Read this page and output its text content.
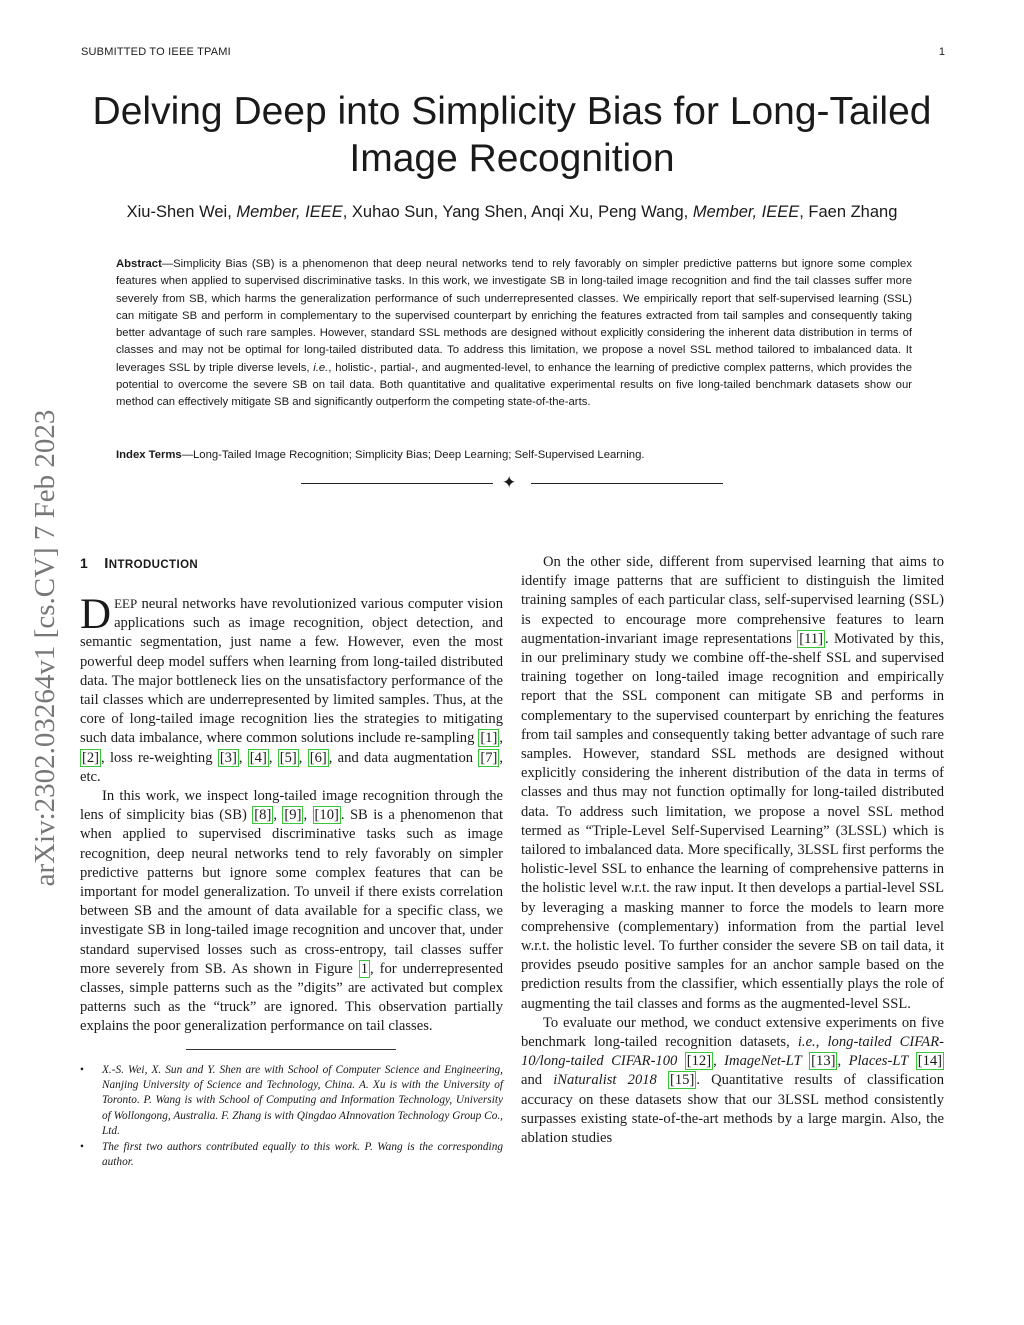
SUBMITTED TO IEEE TPAMI	1
Delving Deep into Simplicity Bias for Long-Tailed Image Recognition
Xiu-Shen Wei, Member, IEEE, Xuhao Sun, Yang Shen, Anqi Xu, Peng Wang, Member, IEEE, Faen Zhang
arXiv:2302.03264v1 [cs.CV] 7 Feb 2023

Abstract—Simplicity Bias (SB) is a phenomenon that deep neural networks tend to rely favorably on simpler predictive patterns but ignore some complex features when applied to supervised discriminative tasks. In this work, we investigate SB in long-tailed image recognition and find the tail classes suffer more severely from SB, which harms the generalization performance of such underrepresented classes. We empirically report that self-supervised learning (SSL) can mitigate SB and perform in complementary to the supervised counterpart by enriching the features extracted from tail samples and consequently taking better advantage of such rare samples. However, standard SSL methods are designed without explicitly considering the inherent data distribution in terms of classes and may not be optimal for long-tailed distributed data. To address this limitation, we propose a novel SSL method tailored to imbalanced data. It leverages SSL by triple diverse levels, i.e., holistic-, partial-, and augmented-level, to enhance the learning of predictive complex patterns, which provides the potential to overcome the severe SB on tail data. Both quantitative and qualitative experimental results on five long-tailed benchmark datasets show our method can effectively mitigate SB and significantly outperform the competing state-of-the-arts.

Index Terms—Long-Tailed Image Recognition; Simplicity Bias; Deep Learning; Self-Supervised Learning.

✦
1 INTRODUCTION

DEEP neural networks have revolutionized various computer vision applications such as image recognition, object detection, and semantic segmentation, just name a few. However, even the most powerful deep model suffers when learning from long-tailed distributed data. The major bottleneck lies on the unsatisfactory performance of the tail classes which are underrepresented by limited samples. Thus, at the core of long-tailed image recognition lies the strategies to mitigating such data imbalance, where common solutions include re-sampling [1] , [2] , loss re-weighting [3] , [4] , [5] , [6] , and data augmentation [7] , etc.

In this work, we inspect long-tailed image recognition through the lens of simplicity bias (SB) [8] , [9] , [10] . SB is a phenomenon that when applied to supervised discriminative tasks such as image recognition, deep neural networks tend to rely favorably on simpler predictive patterns but ignore some complex features that can be important for model generalization. To unveil if there exists correlation between SB and the amount of data available for a specific class, we investigate SB in long-tailed image recognition and uncover that, under standard supervised losses such as cross-entropy, tail classes suffer more severely from SB. As shown in Figure 1 , for underrepresented classes, simple patterns such as the ”digits” are activated but complex patterns such as the “truck” are ignored. This observation partially explains the poor generalization performance on tail classes.

• X.-S. Wei, X. Sun and Y. Shen are with School of Computer Science and Engineering, Nanjing University of Science and Technology, China. A. Xu is with the University of Toronto. P. Wang is with School of Computing and Information Technology, University of Wollongong, Australia. F. Zhang is with Qingdao AInnovation Technology Group Co., Ltd.
• The first two authors contributed equally to this work. P. Wang is the corresponding author.

On the other side, different from supervised learning that aims to identify image patterns that are sufficient to distinguish the limited training samples of each particular class, self-supervised learning (SSL) is expected to encourage more comprehensive features to learn augmentation-invariant image representations [11] . Motivated by this, in our preliminary study we combine off-the-shelf SSL and supervised training together on long-tailed image recognition and empirically report that the SSL component can mitigate SB and performs in complementary to the supervised counterpart by enriching the features from tail samples and consequently taking better advantage of such rare samples. However, standard SSL methods are designed without explicitly considering the inherent distribution of the data in terms of classes and thus may not function optimally for long-tailed distributed data. To address such limitation, we propose a novel SSL method termed as “Triple-Level Self-Supervised Learning” (3LSSL) which is tailored to imbalanced data. More specifically, 3LSSL first performs the holistic-level SSL to enhance the learning of comprehensive patterns in the holistic level w.r.t. the raw input. It then develops a partial-level SSL by leveraging a masking manner to force the models to learn more comprehensive (complementary) information from the partial level w.r.t. the holistic level. To further consider the severe SB on tail data, it provides pseudo positive samples for an anchor sample based on the prediction results from the classifier, which essentially plays the role of augmenting the tail classes and forms as the augmented-level SSL.

To evaluate our method, we conduct extensive experiments on five benchmark long-tailed recognition datasets, i.e., long-tailed CIFAR-10/long-tailed CIFAR-100 [12] , ImageNet-LT [13] , Places-LT [14] and iNaturalist 2018 [15] . Quantitative results of classification accuracy on these datasets show that our 3LSSL method consistently surpasses existing state-of-the-art methods by a large margin. Also, the ablation studies
